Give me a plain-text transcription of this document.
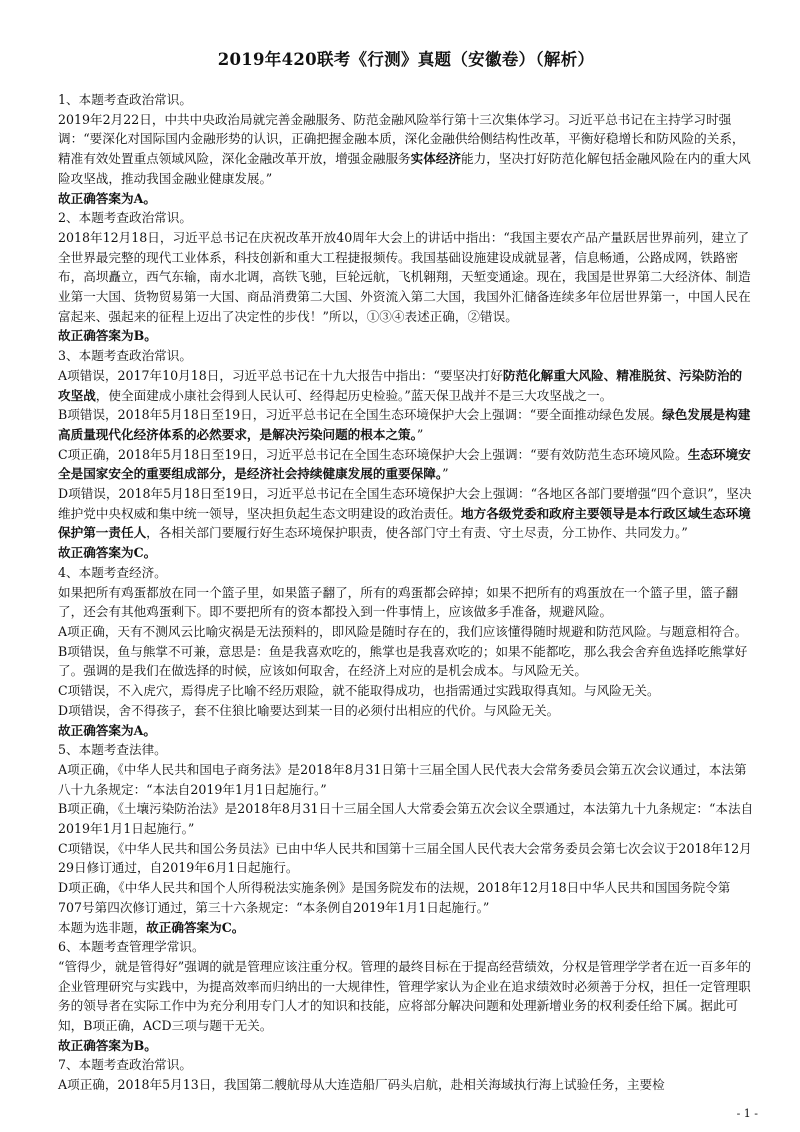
2019年420联考《行测》真题（安徽卷）（解析）

1、本题考查政治常识。

2019年2月22日，中共中央政治局就完善金融服务、防范金融风险举行第十三次集体学习。习近平总书记在主持学习时强调：“要深化对国际国内金融形势的认识，正确把握金融本质，深化金融供给侧结构性改革，平衡好稳增长和防风险的关系，精准有效处置重点领域风险，深化金融改革开放，增强金融服务实体经济能力，坚决打好防范化解包括金融风险在内的重大风险攻坚战，推动我国金融业健康发展。”

故正确答案为A。

2、本题考查政治常识。

2018年12月18日，习近平总书记在庆祝改革开放40周年大会上的讲话中指出：“我国主要农产品产量跃居世界前列，建立了全世界最完整的现代工业体系，科技创新和重大工程捷报频传。我国基础设施建设成就显著，信息畅通，公路成网，铁路密布，高坝矗立，西气东输，南水北调，高铁飞驰，巨轮远航，飞机翱翔，天堑变通途。现在，我国是世界第二大经济体、制造业第一大国、货物贸易第一大国、商品消费第二大国、外资流入第二大国，我国外汇储备连续多年位居世界第一，中国人民在富起来、强起来的征程上迈出了决定性的步伐！”所以，①③④表述正确，②错误。

故正确答案为B。

3、本题考查政治常识。

A项错误，2017年10月18日，习近平总书记在十九大报告中指出：“要坚决打好防范化解重大风险、精准脱贫、污染防治的攻坚战，使全面建成小康社会得到人民认可、经得起历史检验。”蓝天保卫战并不是三大攻坚战之一。

B项错误，2018年5月18日至19日，习近平总书记在全国生态环境保护大会上强调：“要全面推动绿色发展。绿色发展是构建高质量现代化经济体系的必然要求，是解决污染问题的根本之策。”

C项正确，2018年5月18日至19日，习近平总书记在全国生态环境保护大会上强调：“要有效防范生态环境风险。生态环境安全是国家安全的重要组成部分，是经济社会持续健康发展的重要保障。”

D项错误，2018年5月18日至19日，习近平总书记在全国生态环境保护大会上强调：“各地区各部门要增强“四个意识”，坚决维护党中央权威和集中统一领导，坚决担负起生态文明建设的政治责任。地方各级党委和政府主要领导是本行政区域生态环境保护第一责任人，各相关部门要履行好生态环境保护职责，使各部门守土有责、守土尽责，分工协作、共同发力。”

故正确答案为C。

4、本题考查经济。

如果把所有鸡蛋都放在同一个篮子里，如果篮子翻了，所有的鸡蛋都会碎掉；如果不把所有的鸡蛋放在一个篮子里，篮子翻了，还会有其他鸡蛋剩下。即不要把所有的资本都投入到一件事情上，应该做多手准备，规避风险。

A项正确，天有不测风云比喻灾祸是无法预料的，即风险是随时存在的，我们应该懂得随时规避和防范风险。与题意相符合。

B项错误，鱼与熊掌不可兼，意思是：鱼是我喜欢吃的，熊掌也是我喜欢吃的；如果不能都吃，那么我会舍弃鱼选择吃熊掌好了。强调的是我们在做选择的时候，应该如何取舍，在经济上对应的是机会成本。与风险无关。

C项错误，不入虎穴，焉得虎子比喻不经历艰险，就不能取得成功，也指需通过实践取得真知。与风险无关。

D项错误，舍不得孩子，套不住狼比喻要达到某一目的必须付出相应的代价。与风险无关。

故正确答案为A。

5、本题考查法律。

A项正确，《中华人民共和国电子商务法》是2018年8月31日第十三届全国人民代表大会常务委员会第五次会议通过，本法第八十九条规定：“本法自2019年1月1日起施行。”

B项正确，《土壤污染防治法》是2018年8月31日十三届全国人大常委会第五次会议全票通过，本法第九十九条规定：“本法自2019年1月1日起施行。”

C项错误，《中华人民共和国公务员法》已由中华人民共和国第十三届全国人民代表大会常务委员会第七次会议于2018年12月29日修订通过，自2019年6月1日起施行。

D项正确，《中华人民共和国个人所得税法实施条例》是国务院发布的法规，2018年12月18日中华人民共和国国务院令第707号第四次修订通过，第三十六条规定：“本条例自2019年1月1日起施行。”

本题为选非题，故正确答案为C。

6、本题考查管理学常识。

“管得少，就是管得好”强调的就是管理应该注重分权。管理的最终目标在于提高经营绩效，分权是管理学学者在近一百多年的企业管理研究与实践中，为提高效率而归纳出的一大规律性，管理学家认为企业在追求绩效时必须善于分权，担任一定管理职务的领导者在实际工作中为充分利用专门人才的知识和技能，应将部分解决问题和处理新增业务的权利委任给下属。据此可知，B项正确，ACD三项与题干无关。

故正确答案为B。

7、本题考查政治常识。

A项正确，2018年5月13日，我国第二艘航母从大连造船厂码头启航，赴相关海域执行海上试验任务，主要检

- 1 -
